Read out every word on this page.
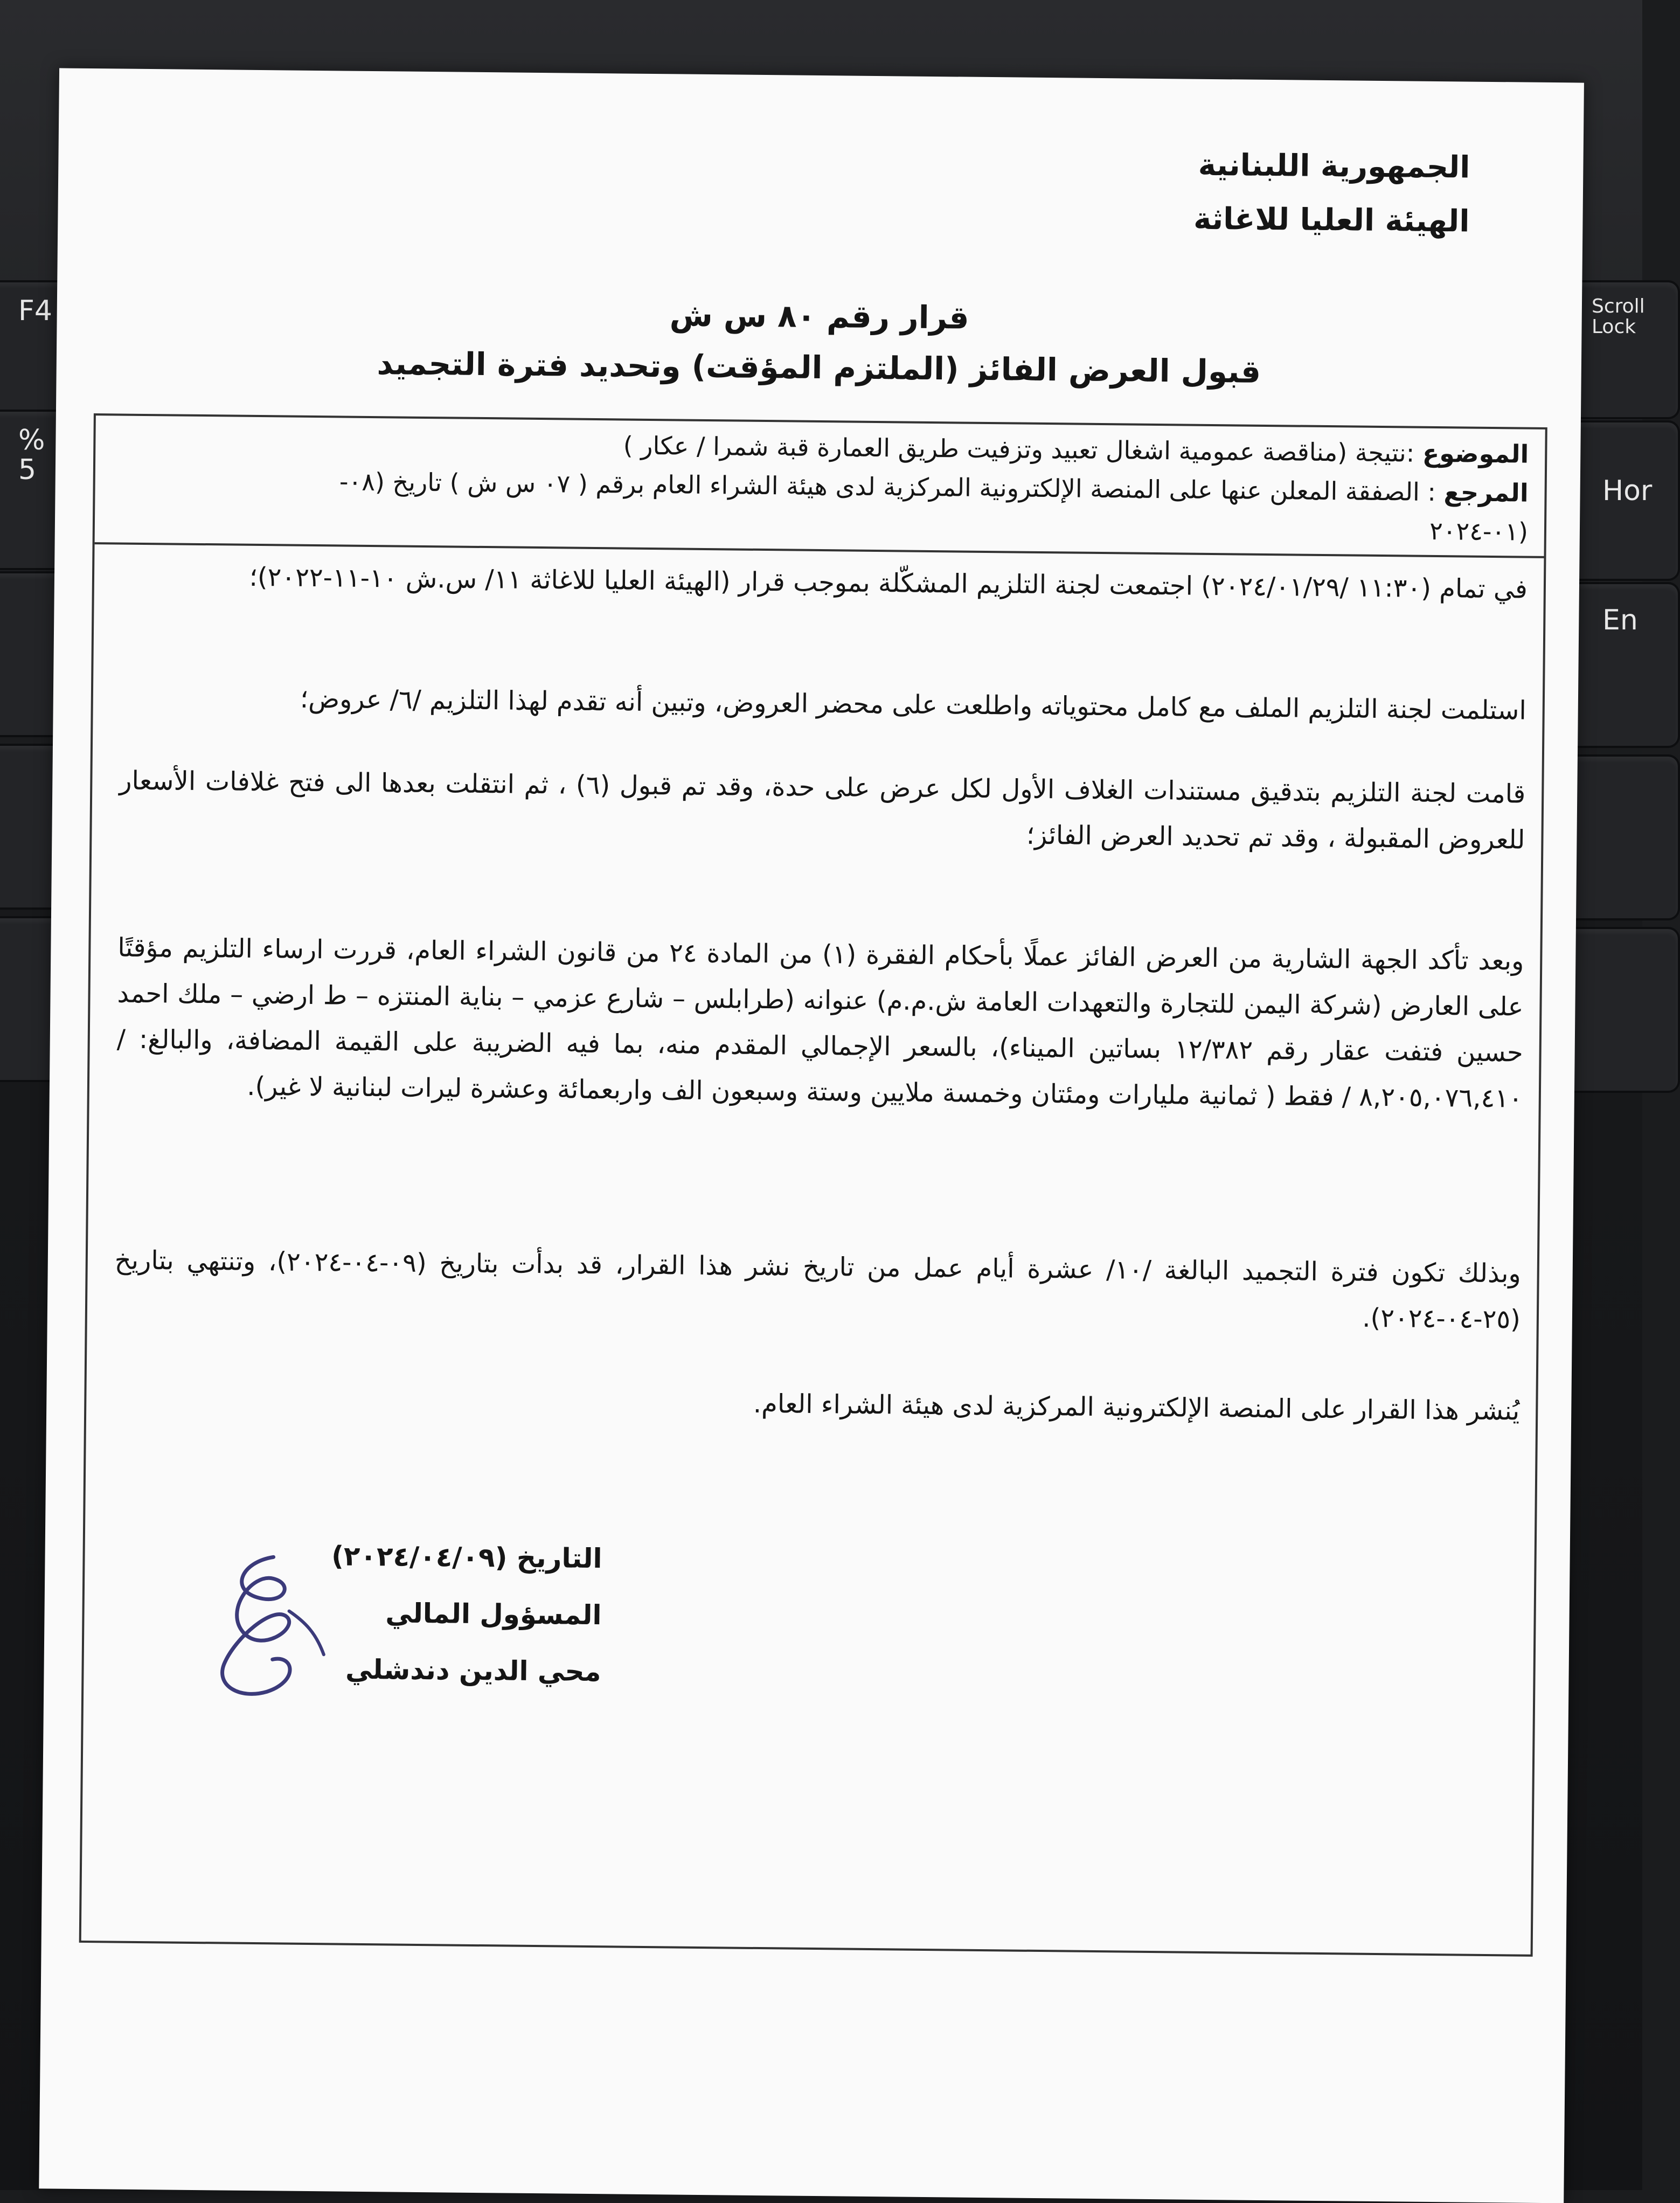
F4
%
5
Scroll
Lock
Hor
En
الجمهورية اللبنانية
الهيئة العليا للاغاثة
قرار رقم ٨٠ س ش
قبول العرض الفائز (الملتزم المؤقت) وتحديد فترة التجميد
الموضوع :نتيجة (مناقصة عمومية اشغال تعبيد وتزفيت طريق العمارة قبة شمرا / عكار )
المرجع : الصفقة المعلن عنها على المنصة الإلكترونية المركزية لدى هيئة الشراء العام برقم ( ٠٧ س ش ) تاريخ (٠٨-
٠١-٢٠٢٤)
في تمام (١١:٣٠ /٢٠٢٤/٠١/٢٩) اجتمعت لجنة التلزيم المشكّلة بموجب قرار (الهيئة العليا للاغاثة ١١/ س.ش ١٠-١١-٢٠٢٢)؛
استلمت لجنة التلزيم الملف مع كامل محتوياته واطلعت على محضر العروض، وتبين أنه تقدم لهذا التلزيم /٦/ عروض؛
قامت لجنة التلزيم بتدقيق مستندات الغلاف الأول لكل عرض على حدة، وقد تم قبول (٦) ، ثم انتقلت بعدها الى فتح غلافات الأسعار للعروض المقبولة ، وقد تم تحديد العرض الفائز؛
وبعد تأكد الجهة الشارية من العرض الفائز عملًا بأحكام الفقرة (١) من المادة ٢٤ من قانون الشراء العام، قررت ارساء التلزيم مؤقتًا على العارض (شركة اليمن للتجارة والتعهدات العامة ش.م.م) عنوانه (طرابلس – شارع عزمي – بناية المنتزه – ط ارضي – ملك احمد حسين فتفت عقار رقم ١٢/٣٨٢ بساتين الميناء)، بالسعر الإجمالي المقدم منه، بما فيه الضريبة على القيمة المضافة، والبالغ: / ٨,٢٠٥,٠٧٦,٤١٠ / فقط ( ثمانية مليارات ومئتان وخمسة ملايين وستة وسبعون الف واربعمائة وعشرة ليرات لبنانية لا غير).
وبذلك تكون فترة التجميد البالغة /١٠/ عشرة أيام عمل من تاريخ نشر هذا القرار، قد بدأت بتاريخ (٠٩-٠٤-٢٠٢٤)، وتنتهي بتاريخ (٢٥-٠٤-٢٠٢٤).
يُنشر هذا القرار على المنصة الإلكترونية المركزية لدى هيئة الشراء العام.
التاريخ (٢٠٢٤/٠٤/٠٩)
المسؤول المالي
محي الدين دندشلي
